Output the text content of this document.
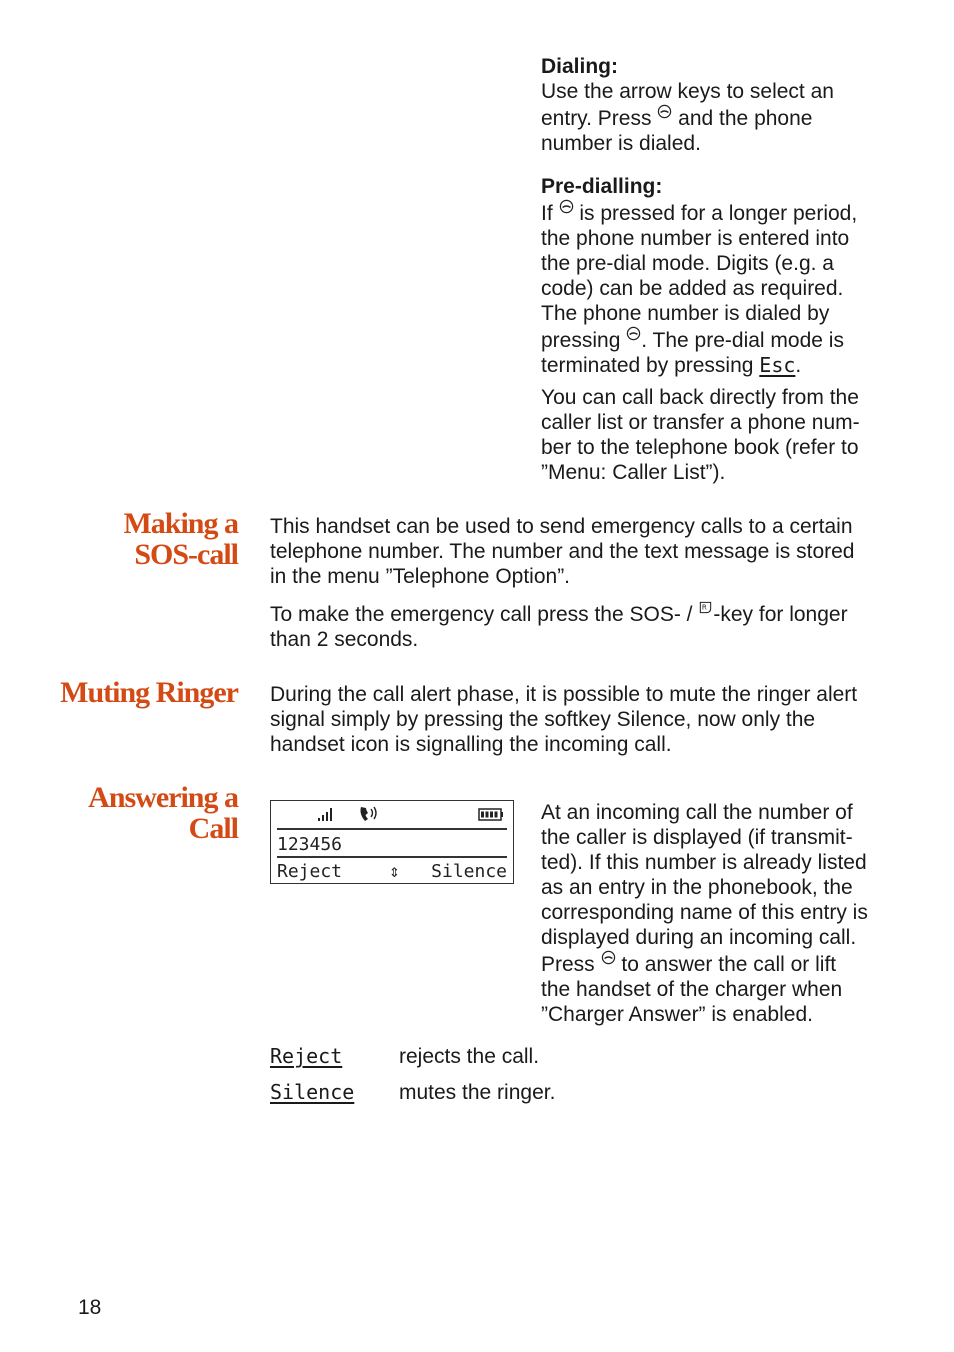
Dialing:

Use the arrow keys to select an

entry. Press and the phone

number is dialed.

Pre-dialling:

If is pressed for a longer period,

the phone number is entered into

the pre-dial mode. Digits (e.g. a

code) can be added as required.

The phone number is dialed by

pressing . The pre-dial mode is

terminated by pressing Esc.

You can call back directly from the

caller list or transfer a phone num-

ber to the telephone book (refer to

”Menu: Caller List”).

Making a
SOS-call

This handset can be used to send emergency calls to a certain

telephone number. The number and the text message is stored

in the menu ”Telephone Option”.

To make the emergency call press the SOS- / R -key for longer

than 2 seconds.

Muting Ringer During the call alert phase, it is possible to mute the ringer alert

signal simply by pressing the softkey Silence, now only the

handset icon is signalling the incoming call.

Answering a
Call 123456
Reject	⇕ Silence

At an incoming call the number of

the caller is displayed (if transmit-

ted). If this number is already listed

as an entry in the phonebook, the

corresponding name of this entry is

displayed during an incoming call.

Press to answer the call or lift

the handset of the charger when

”Charger Answer” is enabled.

Reject	rejects the call.
Silence	mutes the ringer.
18
